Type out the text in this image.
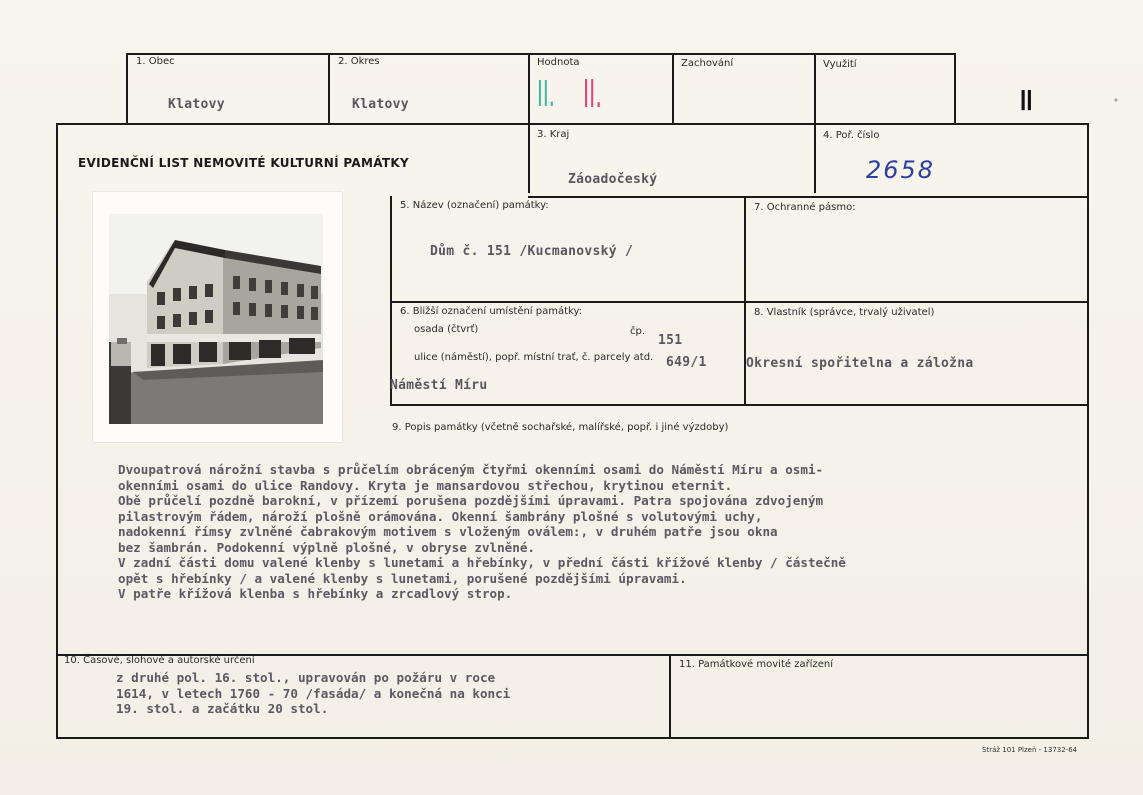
1. Obec
Klatovy
2. Okres
Klatovy
Hodnota
II. II.
Zachování	Využití
II	•
EVIDENČNÍ LIST NEMOVITÉ KULTURNÍ PAMÁTKY
3. Kraj
Záoadočeský
4. Poř. číslo
2658
5. Název (označení) památky:
Dům č. 151 /Kucmanovský /
7. Ochranné pásmo:
6. Bližší označení umístění památky:
osada (čtvrť)	čp.
151
ulice (náměstí), popř. místní trať, č. parcely atd. 649/1
Náměstí Míru
8. Vlastník (správce, trvalý uživatel)
Okresní spořitelna a záložna
9. Popis památky (včetně sochařské, malířské, popř. i jiné výzdoby)
Dvoupatrová nárožní stavba s průčelím obráceným čtyřmi okenními osami do Náměstí Míru a osmi-
okenními osami do ulice Randovy. Kryta je mansardovou střechou, krytinou eternit.
Obě průčelí pozdně barokní, v přízemí porušena pozdějšími úpravami. Patra spojována zdvojeným
pilastrovým řádem, nároží plošně orámována. Okenní šambrány plošné s volutovými uchy,
nadokenní římsy zvlněné čabrakovým motivem s vloženým oválem:, v druhém patře jsou okna
bez šambrán. Podokenní výplně plošné, v obryse zvlněné.
V zadní části domu valené klenby s lunetami a hřebínky, v přední části křížové klenby / částečně
opět s hřebínky / a valené klenby s lunetami, porušené pozdějšími úpravami.
V patře křížová klenba s hřebínky a zrcadlový strop.
10. Časové, slohové a autorské určení
z druhé pol. 16. stol., upravován po požáru v roce
1614, v letech 1760 - 70 /fasáda/ a konečná na konci
19. stol. a začátku 20 stol.
11. Památkové movité zařízení
Stráž 101 Plzeň - 13732-64
